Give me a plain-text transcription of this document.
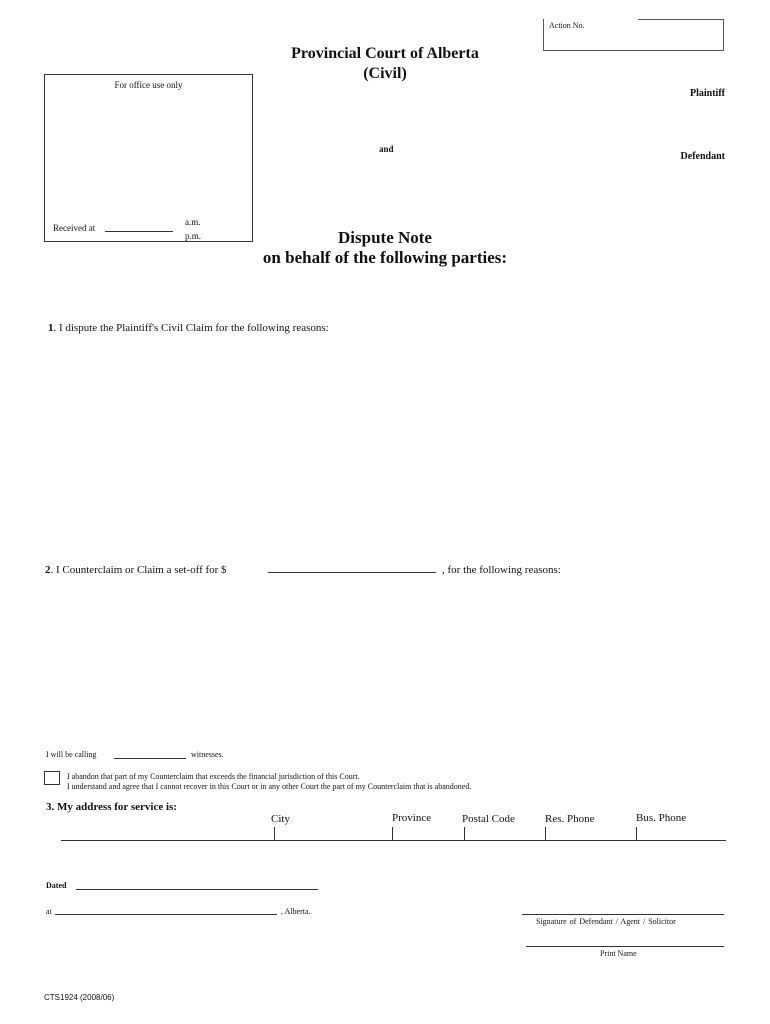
Action No.
Provincial Court of Alberta
(Civil)
For office use only
Received at
a.m.
p.m.
Plaintiff
and
Defendant
Dispute Note
on behalf of the following parties:
1. I dispute the Plaintiff's Civil Claim for the following reasons:
2. I Counterclaim or Claim a set-off for $	, for the following reasons:
I will be calling	witnesses.
I abandon that part of my Counterclaim that exceeds the financial jurisdiction of this Court.
I understand and agree that I cannot recover in this Court or in any other Court the part of my Counterclaim that is abandoned.
3. My address for service is:
City	Province	Postal Code	Res. Phone	Bus. Phone
Dated
at	, Alberta.
Signature of Defendant / Agent / Solicitor
Print Name
CTS1924 (2008/06)
